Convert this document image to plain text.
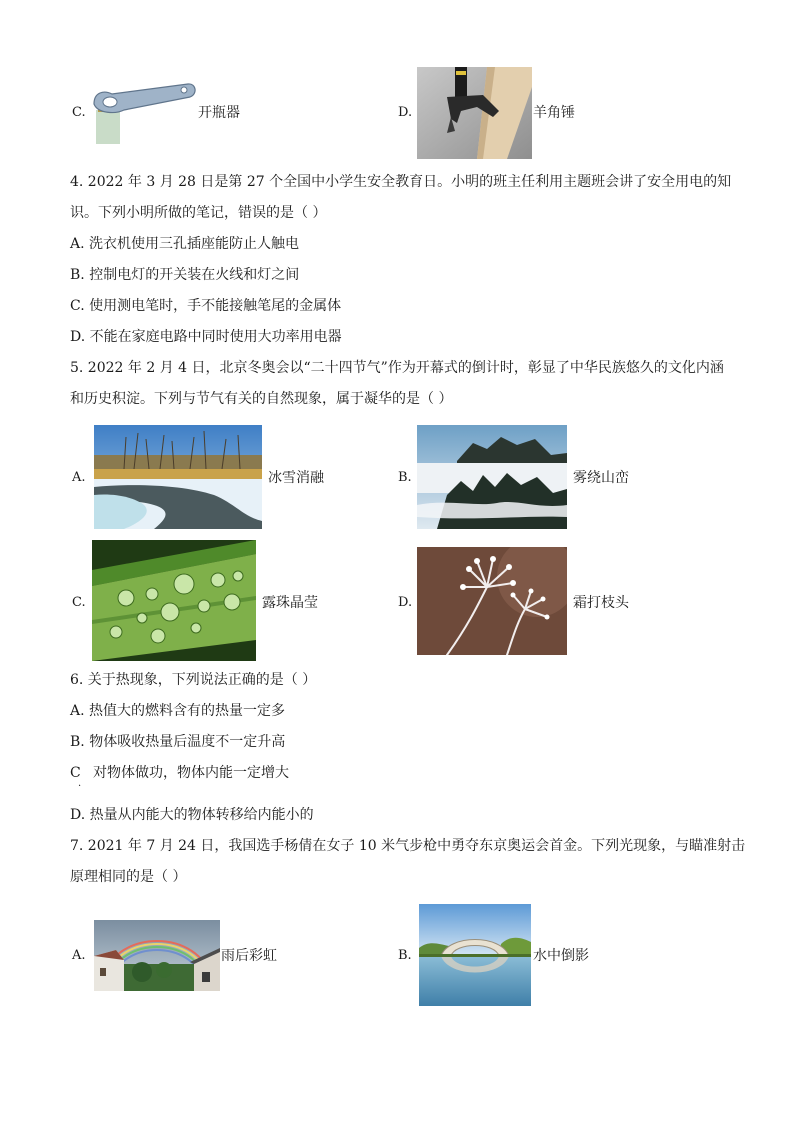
C.	开瓶器	D.	羊角锤
4. 2022 年 3 月 28 日是第 27 个全国中小学生安全教育日。小明的班主任利用主题班会讲了安全用电的知
识。下列小明所做的笔记，错误的是（ ）
A. 洗衣机使用三孔插座能防止人触电
B. 控制电灯的开关装在火线和灯之间
C. 使用测电笔时，手不能接触笔尾的金属体
D. 不能在家庭电路中同时使用大功率用电器
5. 2022 年 2 月 4 日，北京冬奥会以“二十四节气”作为开幕式的倒计时，彰显了中华民族悠久的文化内涵
和历史积淀。下列与节气有关的自然现象，属于凝华的是（ ）
A.	冰雪消融	B.	雾绕山峦
C.	露珠晶莹	D.	霜打枝头
6. 关于热现象，下列说法正确的是（ ）
A. 热值大的燃料含有的热量一定多
B. 物体吸收热量后温度不一定升高
C 对物体做功，物体内能一定增大
.
D. 热量从内能大的物体转移给内能小的
7. 2021 年 7 月 24 日，我国选手杨倩在女子 10 米气步枪中勇夺东京奥运会首金。下列光现象，与瞄准射击
原理相同的是（ ）
A.	雨后彩虹	B.	水中倒影
